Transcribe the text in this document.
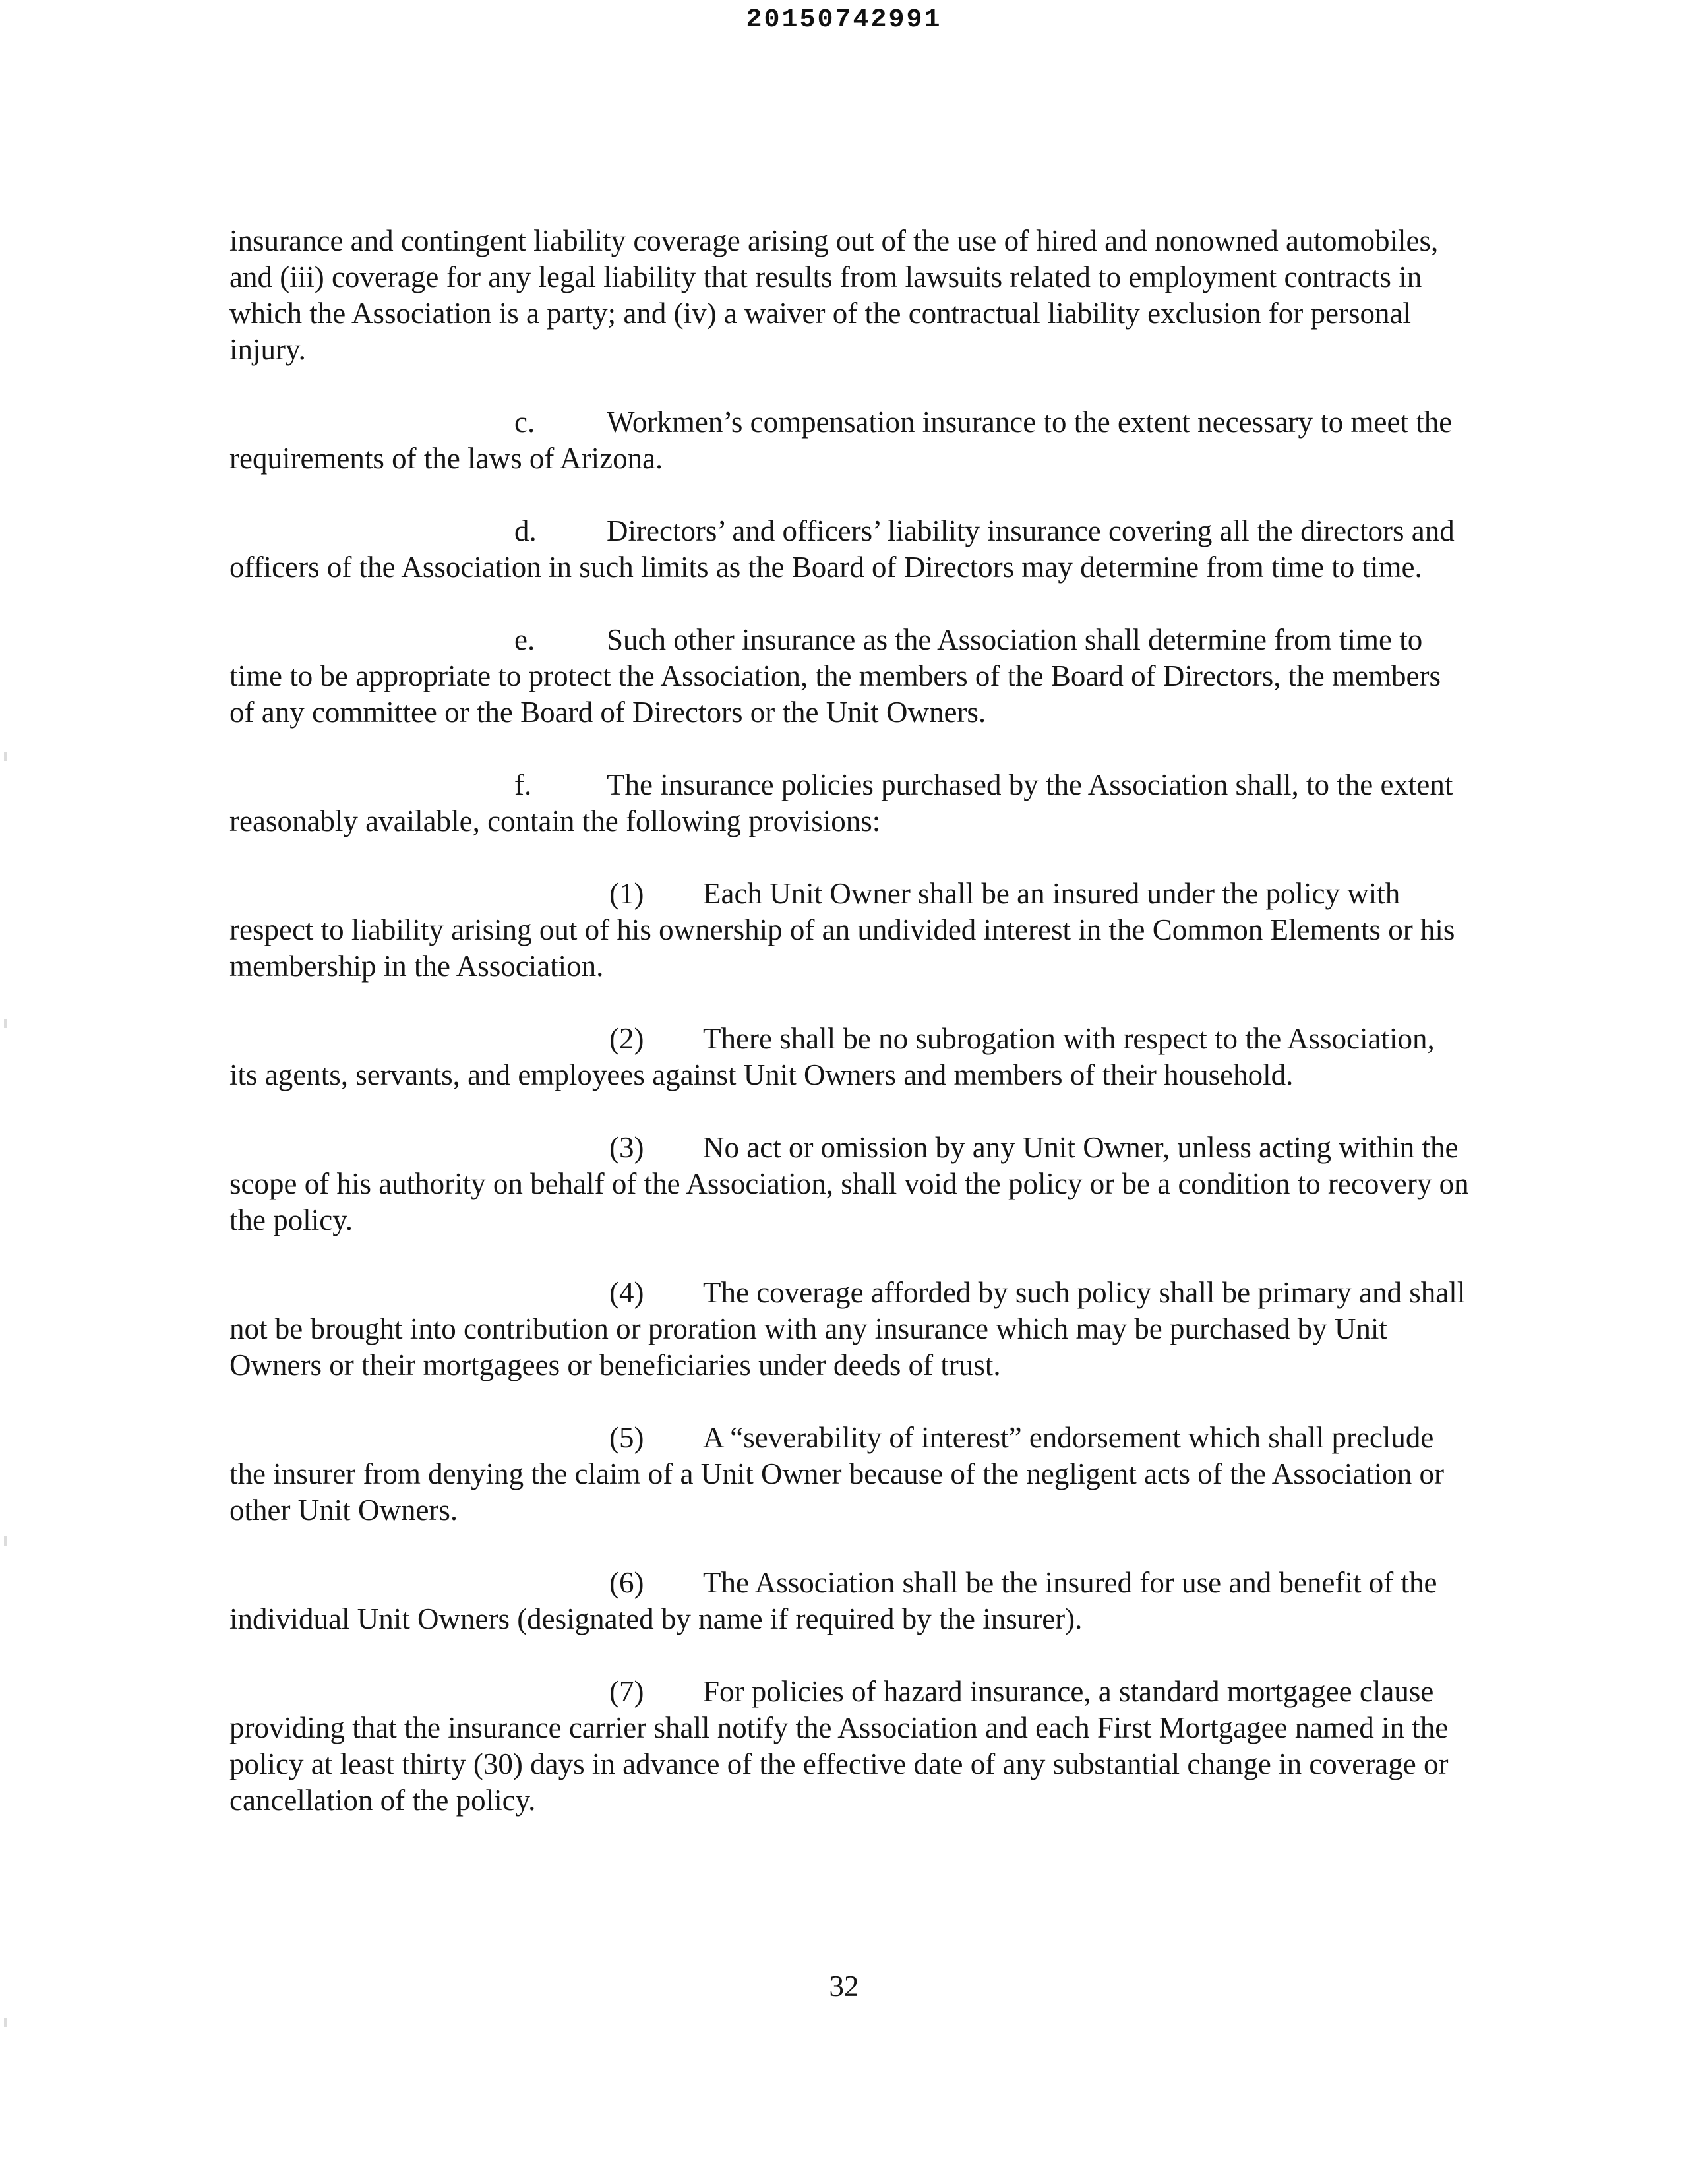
20150742991

insurance and contingent liability coverage arising out of the use of hired and nonowned automobiles, and (iii) coverage for any legal liability that results from lawsuits related to employment contracts in which the Association is a party; and (iv) a waiver of the contractual liability exclusion for personal injury.

c. Workmen’s compensation insurance to the extent necessary to meet the requirements of the laws of Arizona.

d. Directors’ and officers’ liability insurance covering all the directors and officers of the Association in such limits as the Board of Directors may determine from time to time.

e. Such other insurance as the Association shall determine from time to time to be appropriate to protect the Association, the members of the Board of Directors, the members of any committee or the Board of Directors or the Unit Owners.

f.	The insurance policies purchased by the Association shall, to the extent reasonably available, contain the following provisions:

(1) Each Unit Owner shall be an insured under the policy with respect to liability arising out of his ownership of an undivided interest in the Common Elements or his membership in the Association.

(2) There shall be no subrogation with respect to the Association, its agents, servants, and employees against Unit Owners and members of their household.

(3) No act or omission by any Unit Owner, unless acting within the scope of his authority on behalf of the Association, shall void the policy or be a condition to recovery on the policy.

(4) The coverage afforded by such policy shall be primary and shall not be brought into contribution or proration with any insurance which may be purchased by Unit Owners or their mortgagees or beneficiaries under deeds of trust.

(5) A “severability of interest” endorsement which shall preclude the insurer from denying the claim of a Unit Owner because of the negligent acts of the Association or other Unit Owners.

(6) The Association shall be the insured for use and benefit of the individual Unit Owners (designated by name if required by the insurer).

(7) For policies of hazard insurance, a standard mortgagee clause providing that the insurance carrier shall notify the Association and each First Mortgagee named in the policy at least thirty (30) days in advance of the effective date of any substantial change in coverage or cancellation of the policy.

32
